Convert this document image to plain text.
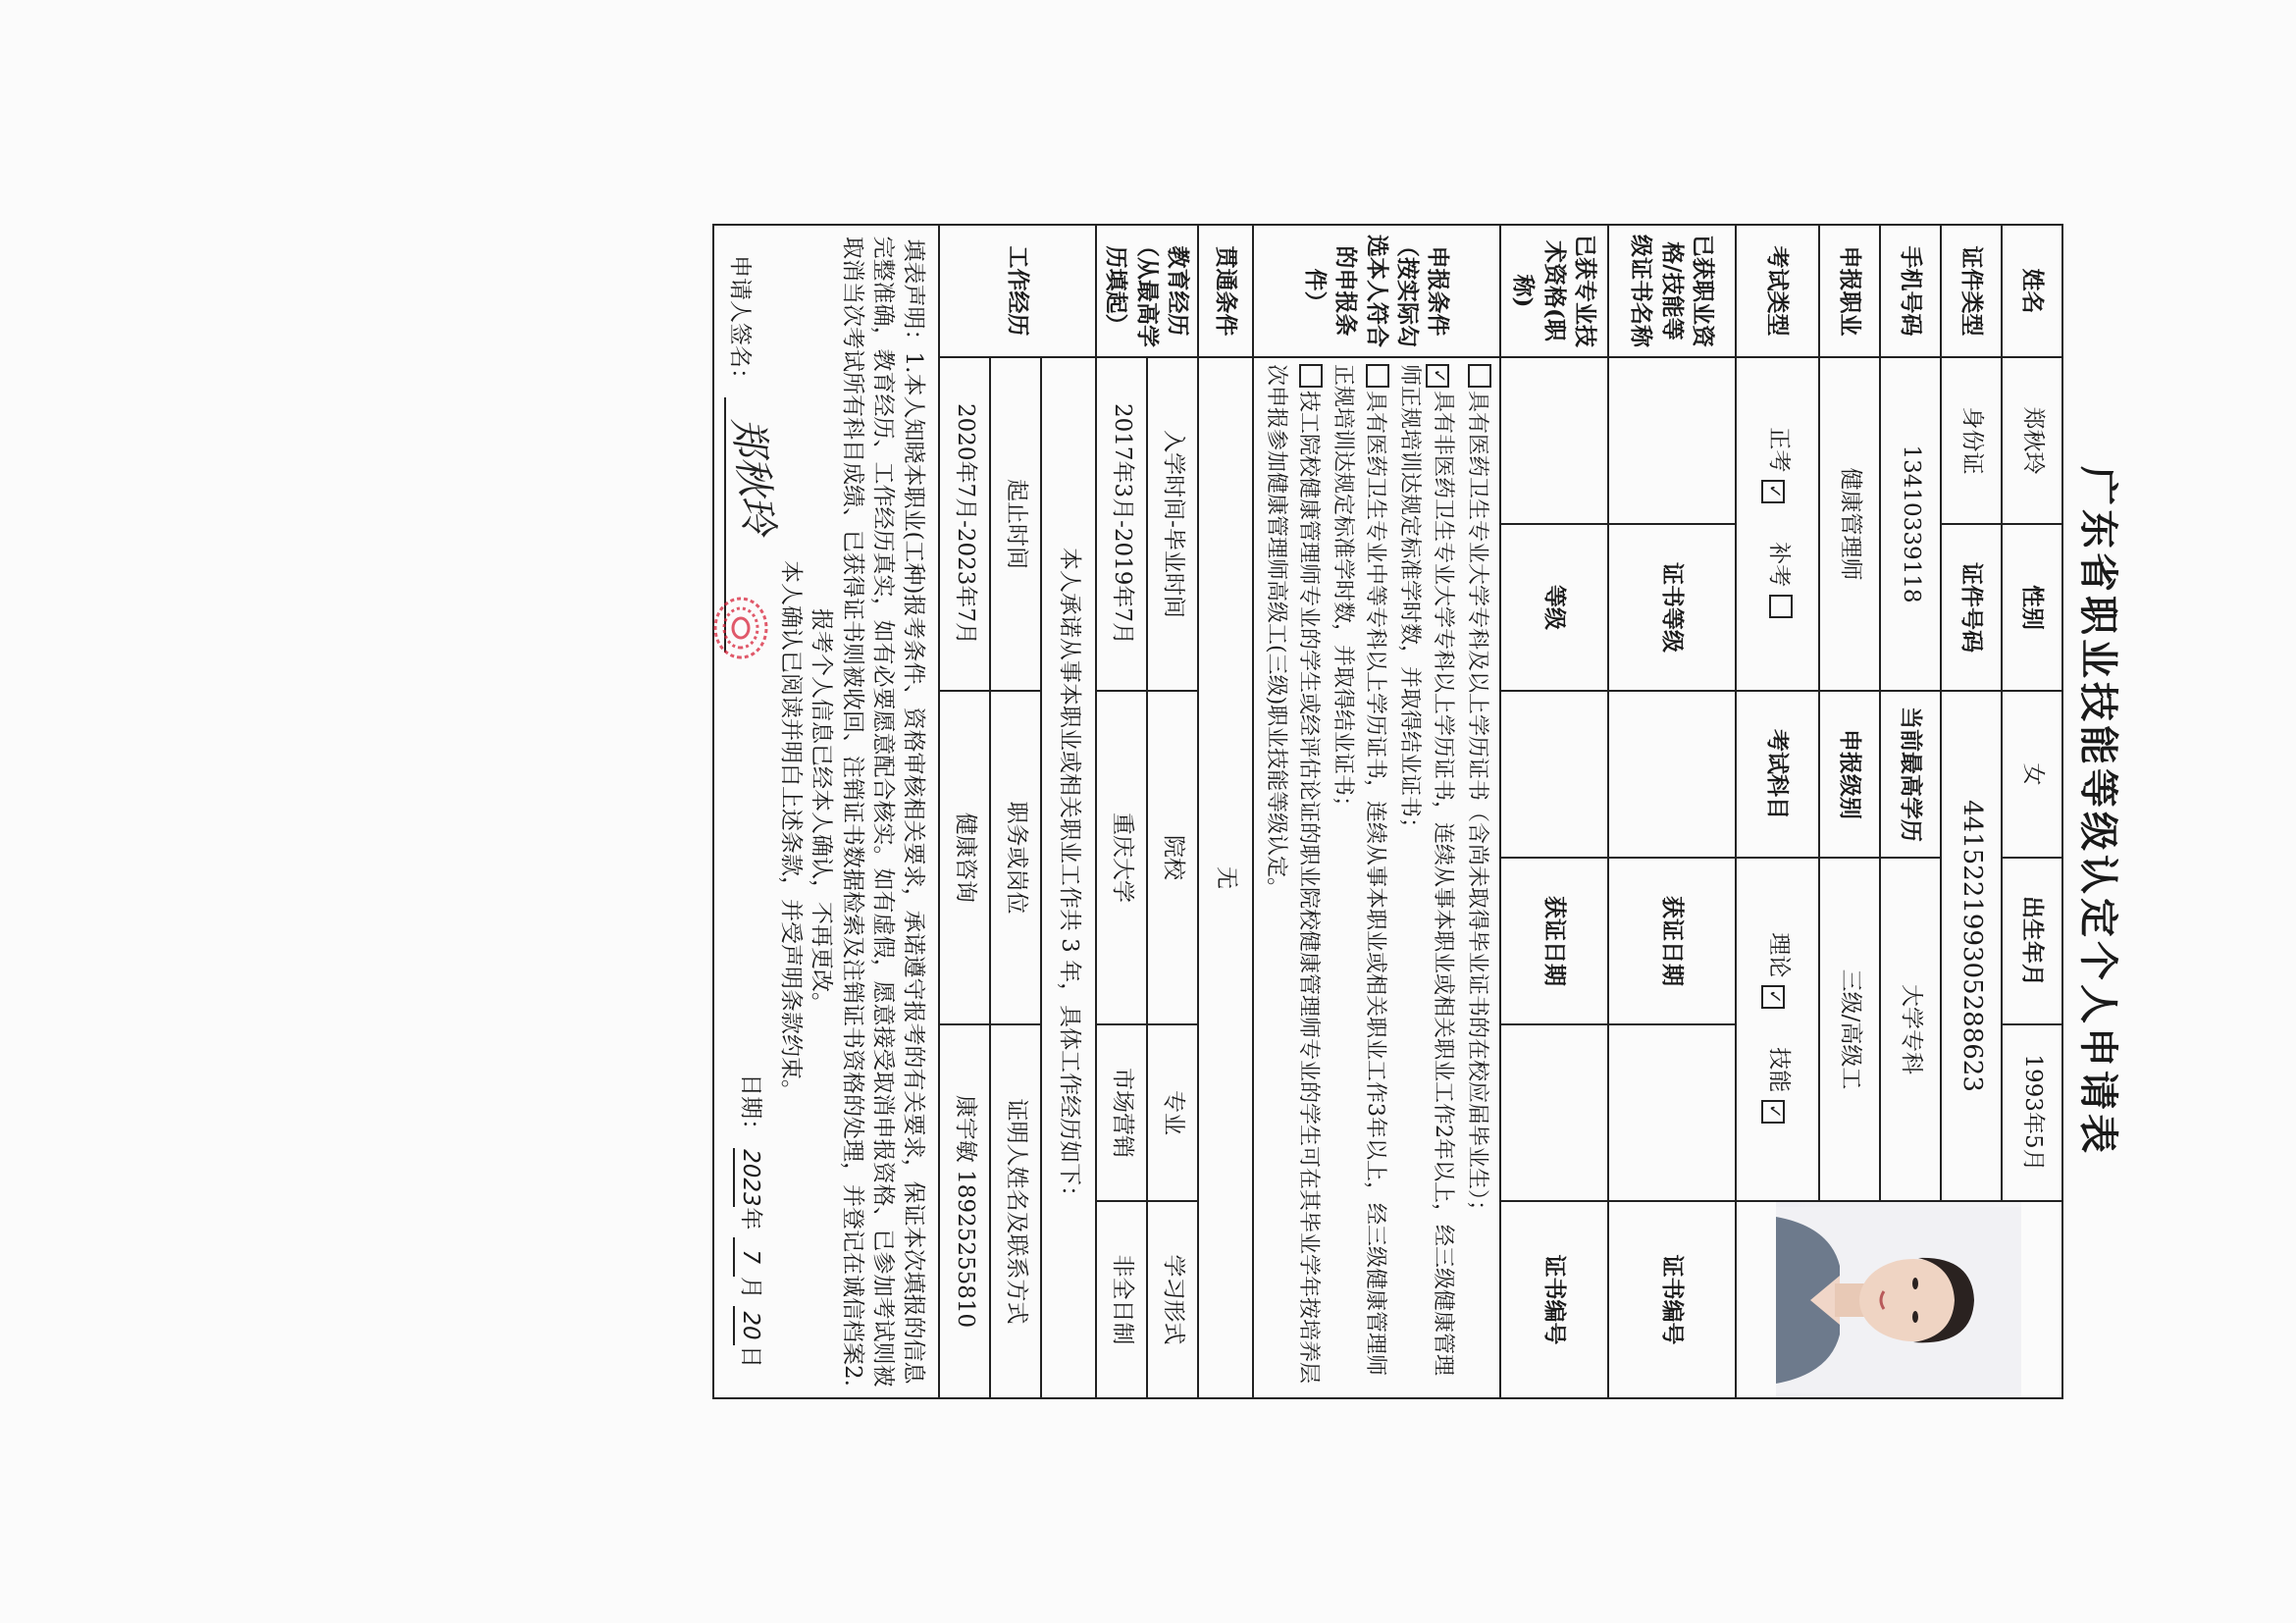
广东省职业技能等级认定个人申请表
姓名	郑秋玲	性别	女	出生年月	1993年5月	

证件类型	身份证	证件号码	441522199305288623			
手机号码	13410339118		当前最高学历	大学专科		
申报职业	健康管理师		申报级别	三级/高级工		
考试类型	正考 ✓     补考		考试科目	理论 ✓     技能 ✓		
已获职业资格/技能等级证书名称		证书等级		获证日期		证书编号
已获专业技术资格(职称)		等级		获证日期		证书编号
申报条件（按实际勾选本人符合的申报条件）	具有医药卫生专业大学专科及以上学历证书（含尚未取得毕业证书的在校应届毕业生）；

✓具有非医药卫生专业大学专科以上学历证书，连续从事本职业或相关职业工作2年以上，经三级健康管理师正规培训达规定标准学时数，并取得结业证书；

具有医药卫生专业中等专科以上学历证书，连续从事本职业或相关职业工作3年以上，经三级健康管理师正规培训达规定标准学时数，并取得结业证书；

技工院校健康管理师专业的学生或经评估论证的职业院校健康管理师专业的学生可在其毕业学年按培养层次申报参加健康管理师高级工(三级)职业技能等级认定。					

贯通条件	无					
教育经历（从最高学历填起）	入学时间-毕业时间		院校		专业	学习形式
	2017年3月-2019年7月		重庆大学		市场营销	非全日制
工作经历	本人承诺从事本职业或相关职业工作共 3 年，具体工作经历如下：					
	起止时间		职务或岗位		证明人姓名及联系方式	
	2020年7月-2023年7月		健康咨询		康宇敏 18925255810	

填表声明：1.本人知晓本职业(工种)报考条件、资格审核相关要求，承诺遵守报考的有关要求，保证本次填报的信息完整准确，教育经历、工作经历真实，如有必要愿意配合核实。如有虚假，愿意接受取消申报资格、已参加考试则被取消当次考试所有科目成绩、已获得证书则被收回、注销证书数据检索及注销证书资格的处理，并登记在诚信档案2.报考个人信息已经本人确认，不再更改。
本人确认已阅读并明白上述条款，并受声明条款约束。
申请人签名：
郑秋玲
日期： 2023年 7月 20日						
